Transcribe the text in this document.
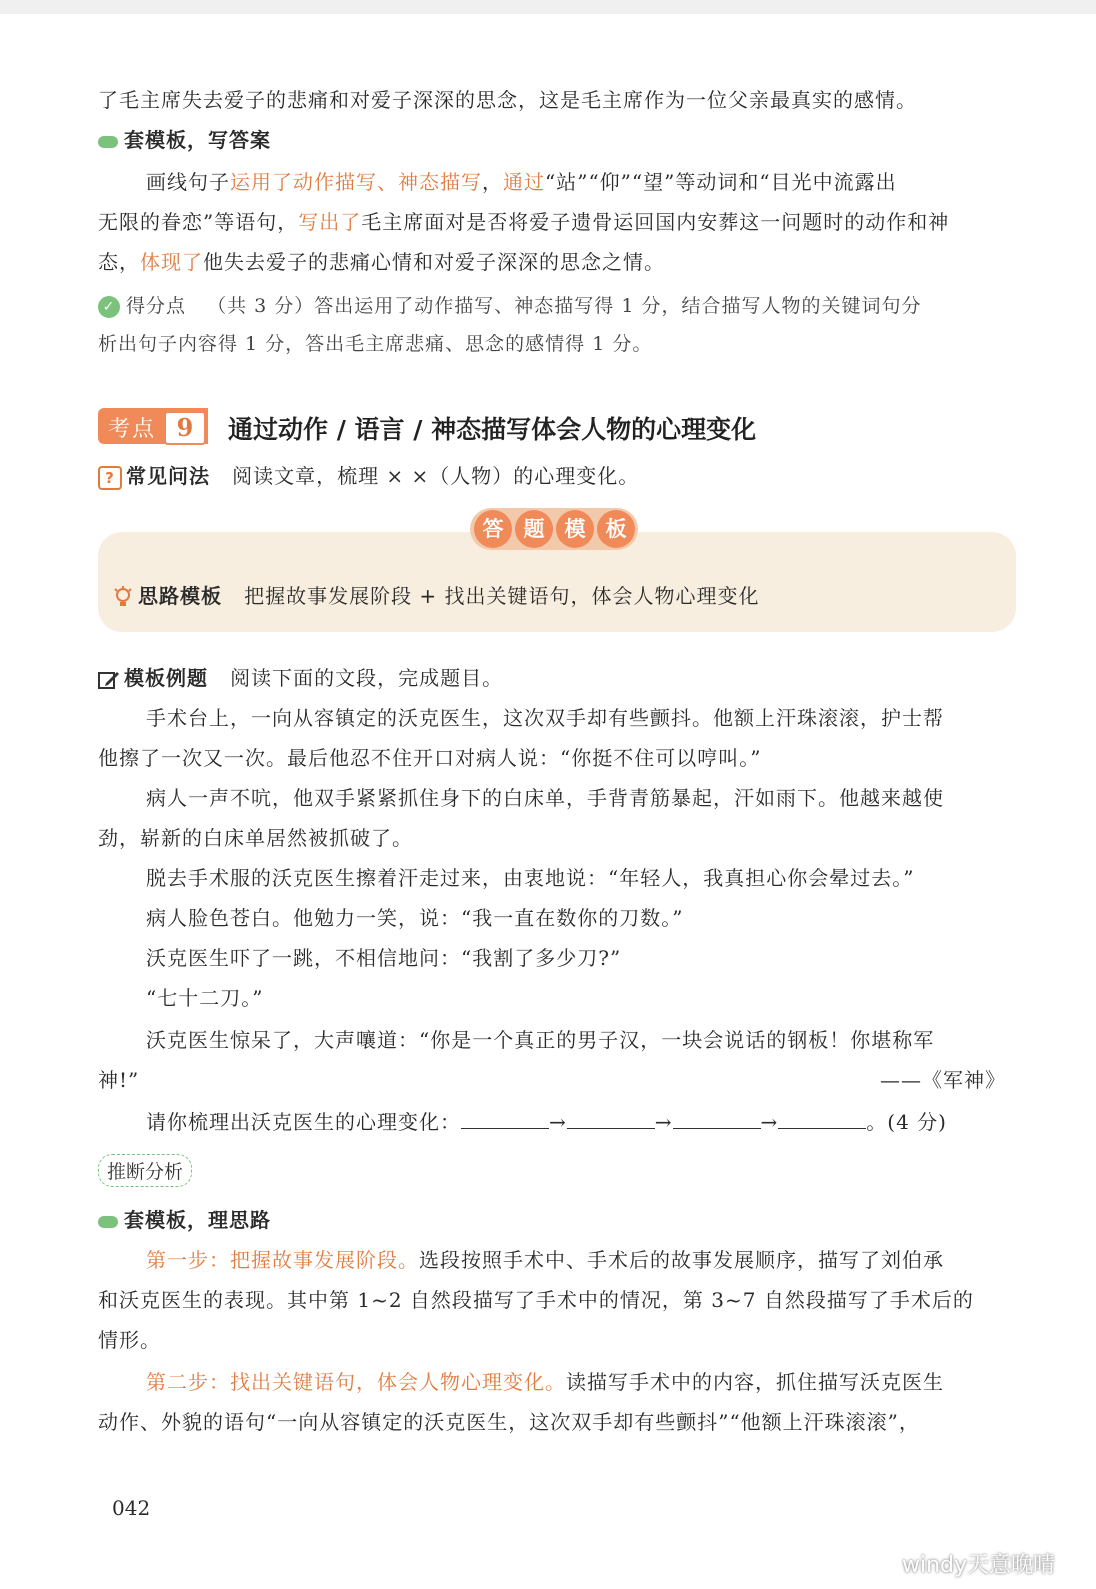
了毛主席失去爱子的悲痛和对爱子深深的思念，这是毛主席作为一位父亲最真实的感情。
套模板，写答案
画线句子运用了动作描写、神态描写，通过“站”“仰”“望”等动词和“目光中流露出
无限的眷恋”等语句，写出了毛主席面对是否将爱子遗骨运回国内安葬这一问题时的动作和神
态，体现了他失去爱子的悲痛心情和对爱子深深的思念之情。
✓ 得分点 （共 3 分）答出运用了动作描写、神态描写得 1 分，结合描写人物的关键词句分
析出句子内容得 1 分，答出毛主席悲痛、思念的感情得 1 分。
考点 9	通过动作 / 语言 / 神态描写体会人物的心理变化
? 常见问法 阅读文章，梳理 × ×（人物）的心理变化。
答 题 模 板
思路模板 把握故事发展阶段 + 找出关键语句，体会人物心理变化
模板例题 阅读下面的文段，完成题目。
手术台上，一向从容镇定的沃克医生，这次双手却有些颤抖。他额上汗珠滚滚，护士帮
他擦了一次又一次。最后他忍不住开口对病人说：“你挺不住可以哼叫。”
病人一声不吭，他双手紧紧抓住身下的白床单，手背青筋暴起，汗如雨下。他越来越使
劲，崭新的白床单居然被抓破了。
脱去手术服的沃克医生擦着汗走过来，由衷地说：“年轻人，我真担心你会晕过去。”
病人脸色苍白。他勉力一笑，说：“我一直在数你的刀数。”
沃克医生吓了一跳，不相信地问：“我割了多少刀?”
“七十二刀。”
沃克医生惊呆了，大声嚷道：“你是一个真正的男子汉，一块会说话的钢板！你堪称军
神!”	——《军神》
请你梳理出沃克医生的心理变化：	→	→	→	。(4 分)
推断分析
套模板，理思路
第一步：把握故事发展阶段。选段按照手术中、手术后的故事发展顺序，描写了刘伯承
和沃克医生的表现。其中第 1~2 自然段描写了手术中的情况，第 3~7 自然段描写了手术后的
情形。
第二步：找出关键语句，体会人物心理变化。读描写手术中的内容，抓住描写沃克医生
动作、外貌的语句“一向从容镇定的沃克医生，这次双手却有些颤抖”“他额上汗珠滚滚”，
042
windy天意晚晴
